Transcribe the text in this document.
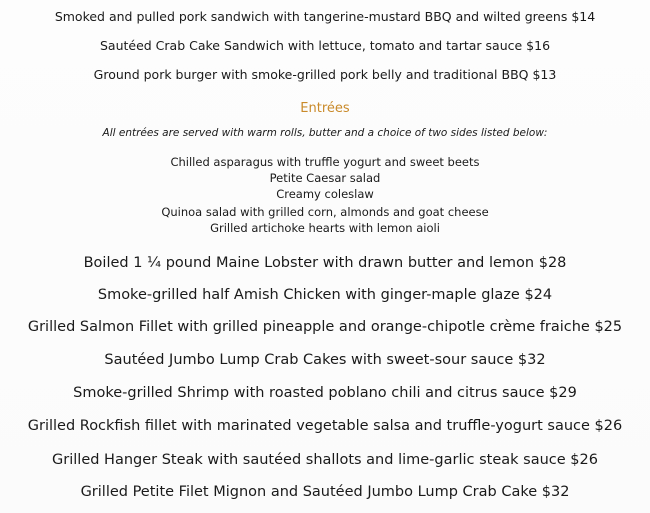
Smoked and pulled pork sandwich with tangerine-mustard BBQ and wilted greens $14
Sautéed Crab Cake Sandwich with lettuce, tomato and tartar sauce $16
Ground pork burger with smoke-grilled pork belly and traditional BBQ $13
Entrées
All entrées are served with warm rolls, butter and a choice of two sides listed below:
Chilled asparagus with truffle yogurt and sweet beets
Petite Caesar salad
Creamy coleslaw
Quinoa salad with grilled corn, almonds and goat cheese
Grilled artichoke hearts with lemon aioli
Boiled 1 ¼ pound Maine Lobster with drawn butter and lemon $28
Smoke-grilled half Amish Chicken with ginger-maple glaze $24
Grilled Salmon Fillet with grilled pineapple and orange-chipotle crème fraiche $25
Sautéed Jumbo Lump Crab Cakes with sweet-sour sauce $32
Smoke-grilled Shrimp with roasted poblano chili and citrus sauce $29
Grilled Rockfish fillet with marinated vegetable salsa and truffle-yogurt sauce $26
Grilled Hanger Steak with sautéed shallots and lime-garlic steak sauce $26
Grilled Petite Filet Mignon and Sautéed Jumbo Lump Crab Cake $32
